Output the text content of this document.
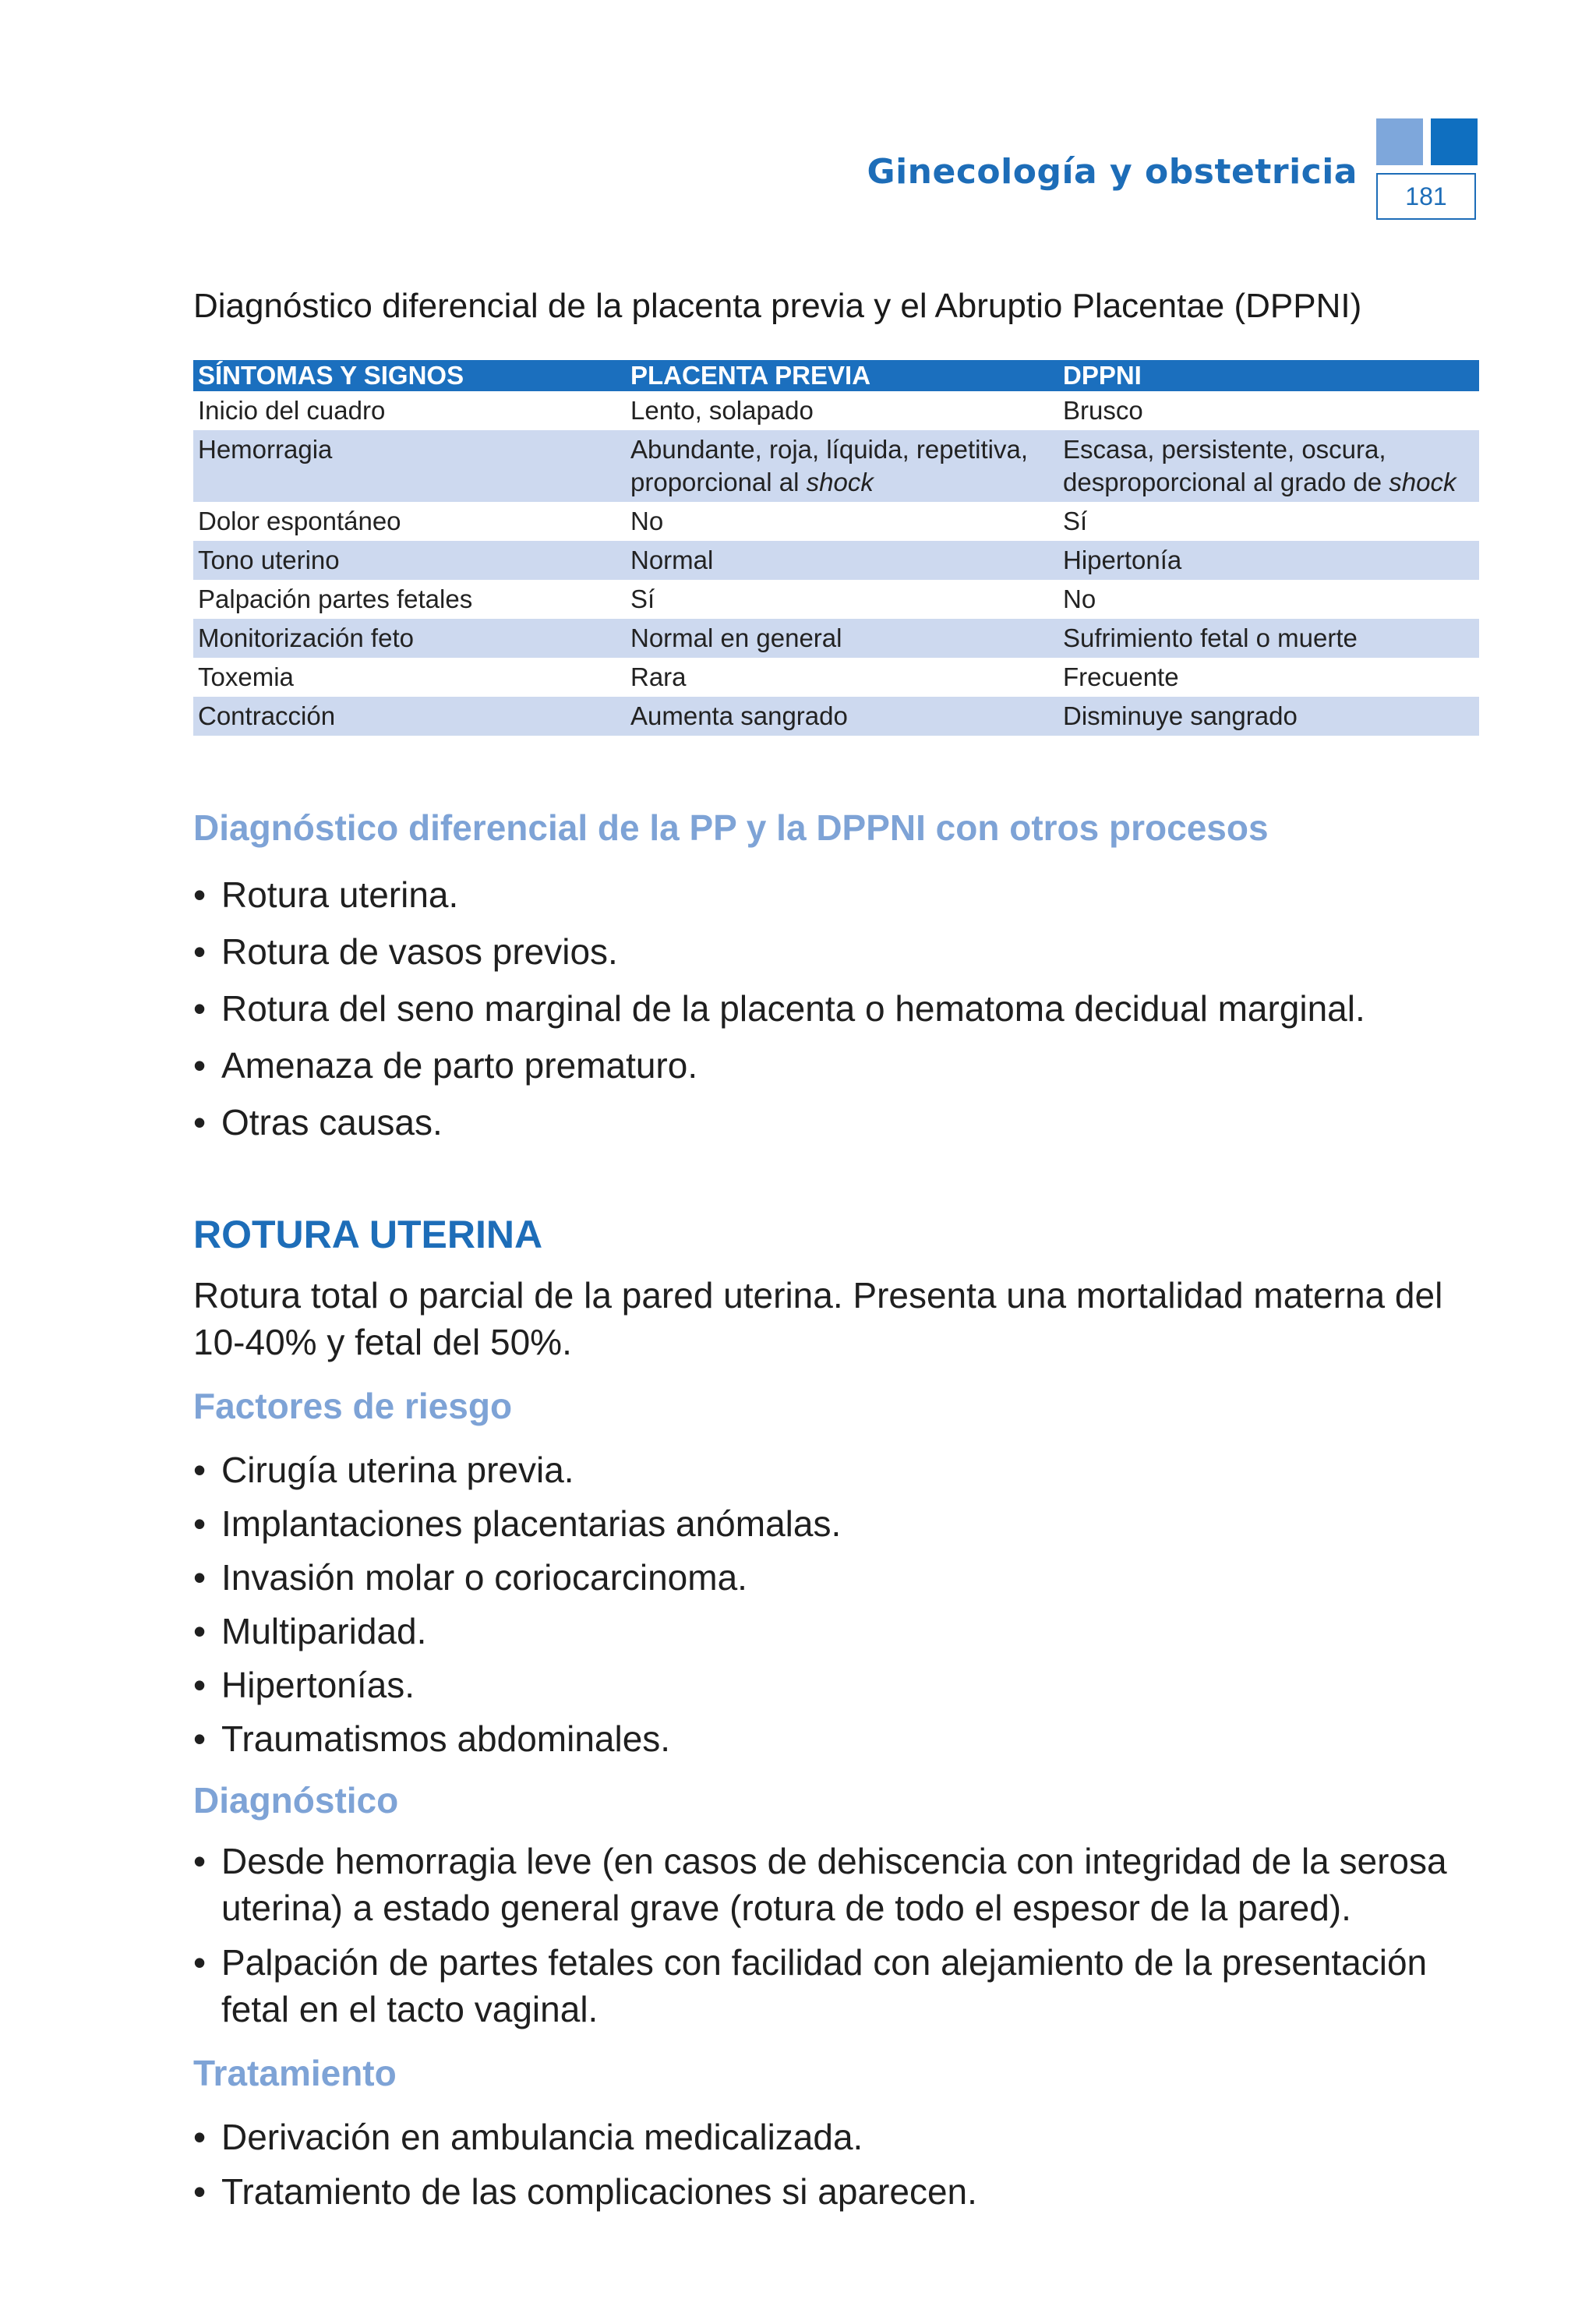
Ginecología y obstetricia
181
Diagnóstico diferencial de la placenta previa y el Abruptio Placentae (DPPNI)
SÍNTOMAS Y SIGNOS	PLACENTA PREVIA	DPPNI
Inicio del cuadro	Lento, solapado	Brusco
Hemorragia	Abundante, roja, líquida, repetitiva, proporcional al shock	Escasa, persistente, oscura, desproporcional al grado de shock
Dolor espontáneo	No	Sí
Tono uterino	Normal	Hipertonía
Palpación partes fetales	Sí	No
Monitorización feto	Normal en general	Sufrimiento fetal o muerte
Toxemia	Rara	Frecuente
Contracción	Aumenta sangrado	Disminuye sangrado
Diagnóstico diferencial de la PP y la DPPNI con otros procesos
• Rotura uterina.
• Rotura de vasos previos.
• Rotura del seno marginal de la placenta o hematoma decidual marginal.
• Amenaza de parto prematuro.
• Otras causas.
ROTURA UTERINA

Rotura total o parcial de la pared uterina. Presenta una mortalidad materna del 10-40% y fetal del 50%.

Factores de riesgo
• Cirugía uterina previa.
• Implantaciones placentarias anómalas.
• Invasión molar o coriocarcinoma.
• Multiparidad.
• Hipertonías.
• Traumatismos abdominales.
Diagnóstico
• Desde hemorragia leve (en casos de dehiscencia con integridad de la serosa uterina) a estado general grave (rotura de todo el espesor de la pared).
• Palpación de partes fetales con facilidad con alejamiento de la presentación fetal en el tacto vaginal.
Tratamiento
• Derivación en ambulancia medicalizada.
• Tratamiento de las complicaciones si aparecen.
